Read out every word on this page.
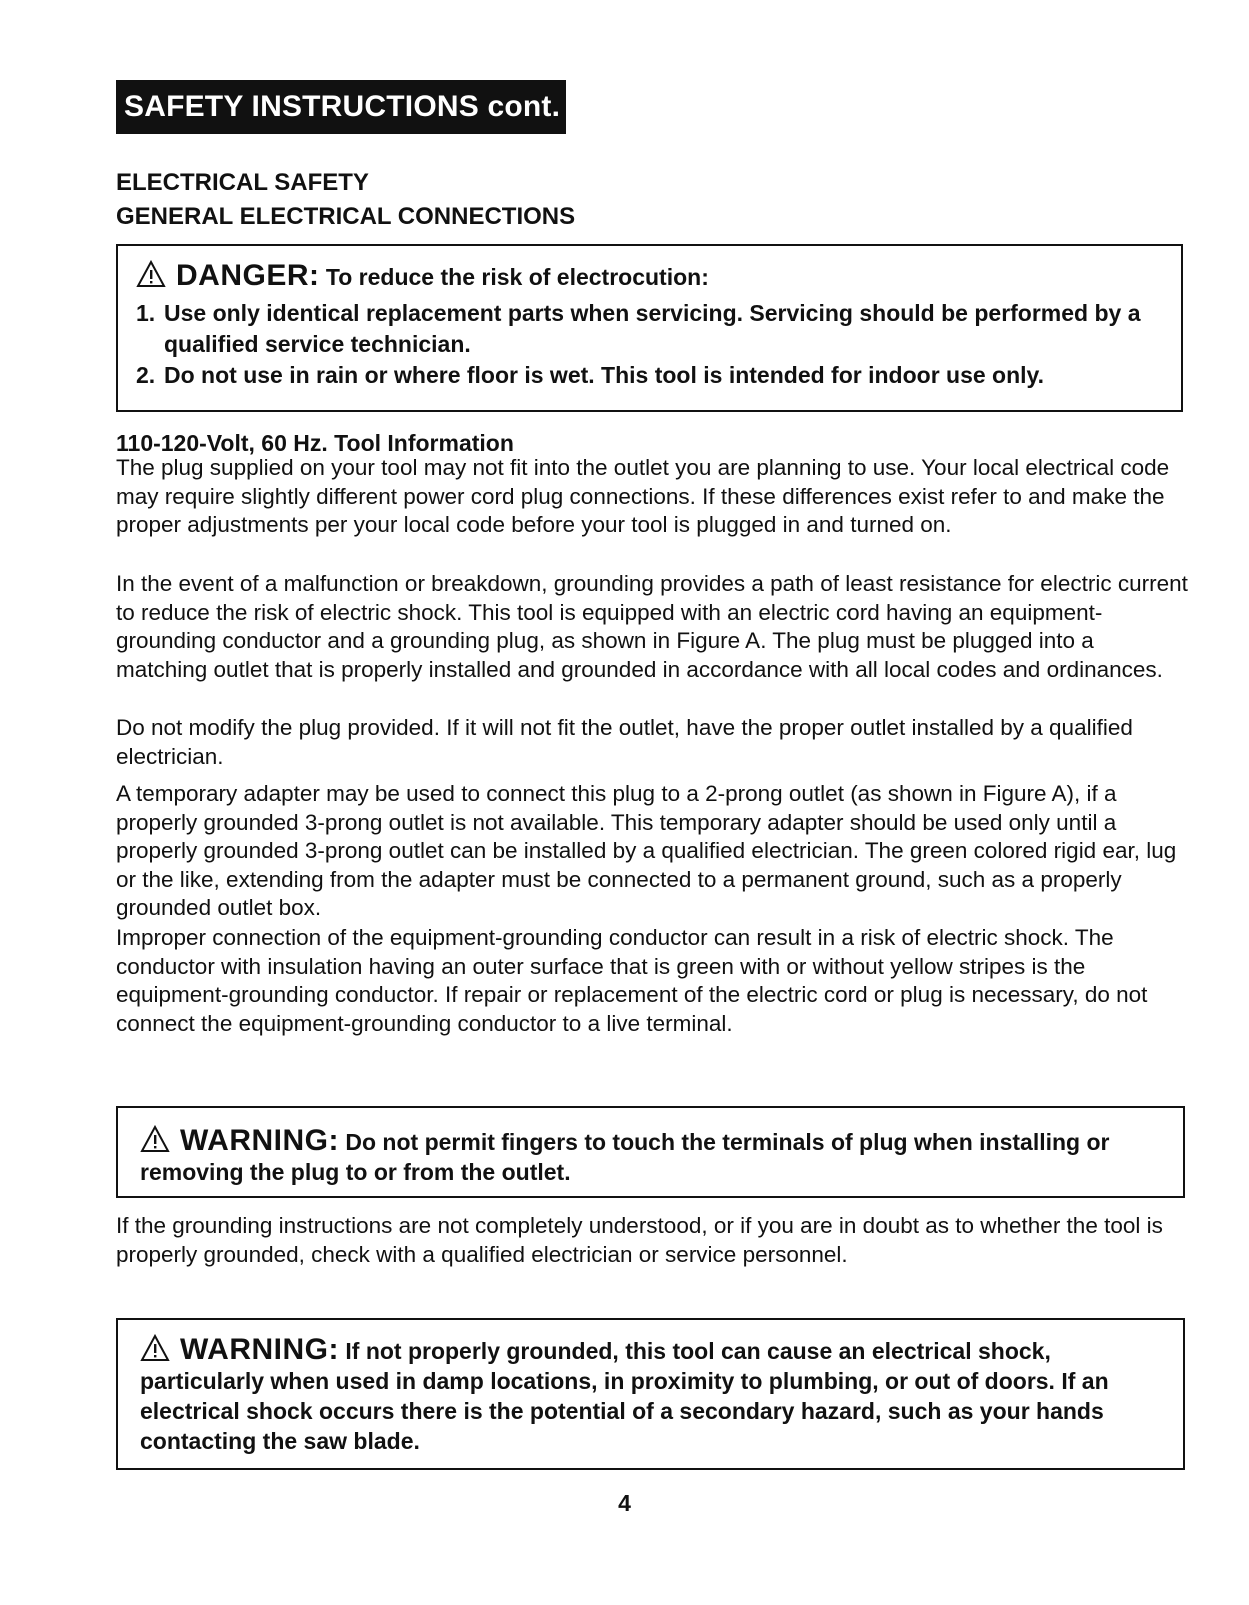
SAFETY INSTRUCTIONS cont.
ELECTRICAL SAFETY
GENERAL ELECTRICAL CONNECTIONS

DANGER: To reduce the risk of electrocution:

1. Use only identical replacement parts when servicing. Servicing should be performed by a qualified service technician.
2. Do not use in rain or where floor is wet. This tool is intended for indoor use only.
110-120-Volt, 60 Hz. Tool Information

The plug supplied on your tool may not fit into the outlet you are planning to use. Your local electrical code may require slightly different power cord plug connections. If these differences exist refer to and make the proper adjustments per your local code before your tool is plugged in and turned on.

In the event of a malfunction or breakdown, grounding provides a path of least resistance for electric current to reduce the risk of electric shock. This tool is equipped with an electric cord having an equipment-grounding conductor and a grounding plug, as shown in Figure A. The plug must be plugged into a matching outlet that is properly installed and grounded in accordance with all local codes and ordinances.

Do not modify the plug provided. If it will not fit the outlet, have the proper outlet installed by a qualified electrician.

A temporary adapter may be used to connect this plug to a 2-prong outlet (as shown in Figure A), if a properly grounded 3-prong outlet is not available. This temporary adapter should be used only until a properly grounded 3-prong outlet can be installed by a qualified electrician. The green colored rigid ear, lug or the like, extending from the adapter must be connected to a permanent ground, such as a properly grounded outlet box.

Improper connection of the equipment-grounding conductor can result in a risk of electric shock. The conductor with insulation having an outer surface that is green with or without yellow stripes is the equipment-grounding conductor. If repair or replacement of the electric cord or plug is necessary, do not connect the equipment-grounding conductor to a live terminal.

WARNING: Do not permit fingers to touch the terminals of plug when installing or removing the plug to or from the outlet.

If the grounding instructions are not completely understood, or if you are in doubt as to whether the tool is properly grounded, check with a qualified electrician or service personnel.

WARNING: If not properly grounded, this tool can cause an electrical shock, particularly when used in damp locations, in proximity to plumbing, or out of doors. If an electrical shock occurs there is the potential of a secondary hazard, such as your hands contacting the saw blade.

4
